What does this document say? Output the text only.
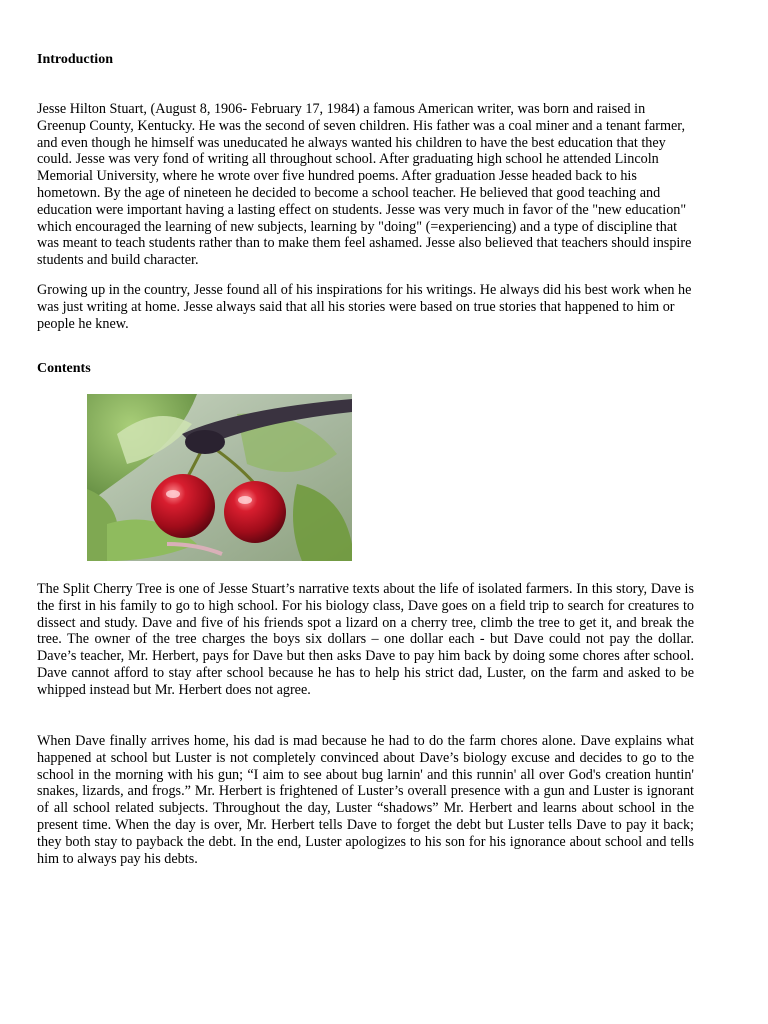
Introduction

Jesse Hilton Stuart, (August 8, 1906- February 17, 1984) a famous American writer, was born and raised in Greenup County, Kentucky. He was the second of seven children. His father was a coal miner and a tenant farmer, and even though he himself was uneducated he always wanted his children to have the best education that they could. Jesse was very fond of writing all throughout school. After graduating high school he attended Lincoln Memorial University, where he wrote over five hundred poems. After graduation Jesse headed back to his hometown. By the age of nineteen he decided to become a school teacher. He believed that good teaching and education were important having a lasting effect on students. Jesse was very much in favor of the "new education" which encouraged the learning of new subjects, learning by "doing" (=experiencing) and a type of discipline that was meant to teach students rather than to make them feel ashamed. Jesse also believed that teachers should inspire students and build character.

Growing up in the country, Jesse found all of his inspirations for his writings. He always did his best work when he was just writing at home. Jesse always said that all his stories were based on true stories that happened to him or people he knew.

Contents

The Split Cherry Tree is one of Jesse Stuart’s narrative texts about the life of isolated farmers. In this story, Dave is the first in his family to go to high school. For his biology class, Dave goes on a field trip to search for creatures to dissect and study. Dave and five of his friends spot a lizard on a cherry tree, climb the tree to get it, and break the tree. The owner of the tree charges the boys six dollars – one dollar each - but Dave could not pay the dollar. Dave’s teacher, Mr. Herbert, pays for Dave but then asks Dave to pay him back by doing some chores after school. Dave cannot afford to stay after school because he has to help his strict dad, Luster, on the farm and asked to be whipped instead but Mr. Herbert does not agree.

When Dave finally arrives home, his dad is mad because he had to do the farm chores alone. Dave explains what happened at school but Luster is not completely convinced about Dave’s biology excuse and decides to go to the school in the morning with his gun; “I aim to see about bug larnin' and this runnin' all over God's creation huntin' snakes, lizards, and frogs.” Mr. Herbert is frightened of Luster’s overall presence with a gun and Luster is ignorant of all school related subjects. Throughout the day, Luster “shadows” Mr. Herbert and learns about school in the present time. When the day is over, Mr. Herbert tells Dave to forget the debt but Luster tells Dave to pay it back; they both stay to payback the debt. In the end, Luster apologizes to his son for his ignorance about school and tells him to always pay his debts.
